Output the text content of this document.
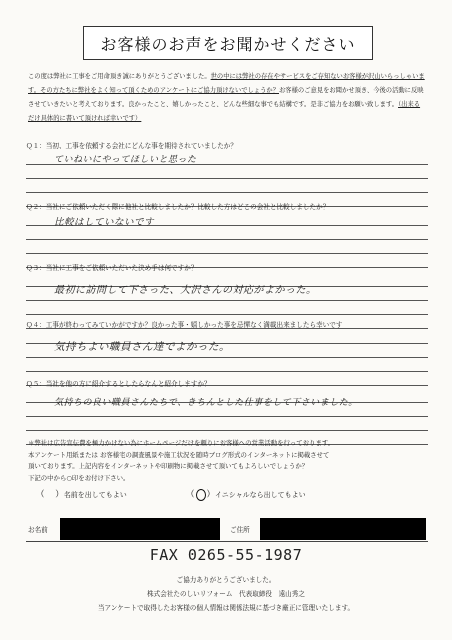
お客様のお声をお聞かせください
この度は弊社に工事をご用命頂き誠にありがとうございました。世の中には弊社の存在やサービスをご存知ないお客様が沢山いらっしゃいます。その方たちに弊社をよく知って頂くためのアンケートにご協力頂けないでしょうか？お客様のご意見をお聞かせ頂き、今後の活動に反映させていきたいと考えております。良かったこと、嬉しかったこと、どんな些細な事でも結構です。是非ご協力をお願い致します。（出来るだけ具体的に書いて頂ければ幸いです）
Ｑ１：当初、工事を依頼する会社にどんな事を期待されていましたか？
ていねいにやってほしいと思った
Ｑ２：当社にご依頼いただく際に他社と比較しましたか？比較した方はどこの会社と比較しましたか？
比較はしていないです
Ｑ３：当社に工事をご依頼いただいた決め手は何ですか？
最初に訪問して下さった、大沢さんの対応がよかった。
Ｑ４：工事が終わってみていかがですか？良かった事・嬉しかった事を忌憚なく満載出来ましたら幸いです
気持ちよい職員さん達でよかった。
Ｑ５：当社を他の方に紹介するとしたらなんと紹介しますか？
気持ちの良い職員さんたちで、きちんとした仕事をして下さいました。
＊弊社は広告宣伝費を極力かけない為にホームページだけを頼りにお客様への営業活動を行っております。
本アンケート用紙または お客様宅の調査風景や施工状況を随時ブログ形式のインターネットに掲載させて
頂いております。上記内容をインターネットや印刷物に掲載させて頂いてもよろしいでしょうか？
下記の中から○印をお付け下さい。
（    ）名前を出してもよい	（ ）イニシャルなら出してもよい
お名前	ご住所
FAX 0265-55-1987
ご協力ありがとうございました。
株式会社たのしいリフォーム　代表取締役　遠山秀之
当アンケートで取得したお客様の個人情報は関係法規に基づき厳正に管理いたします。
